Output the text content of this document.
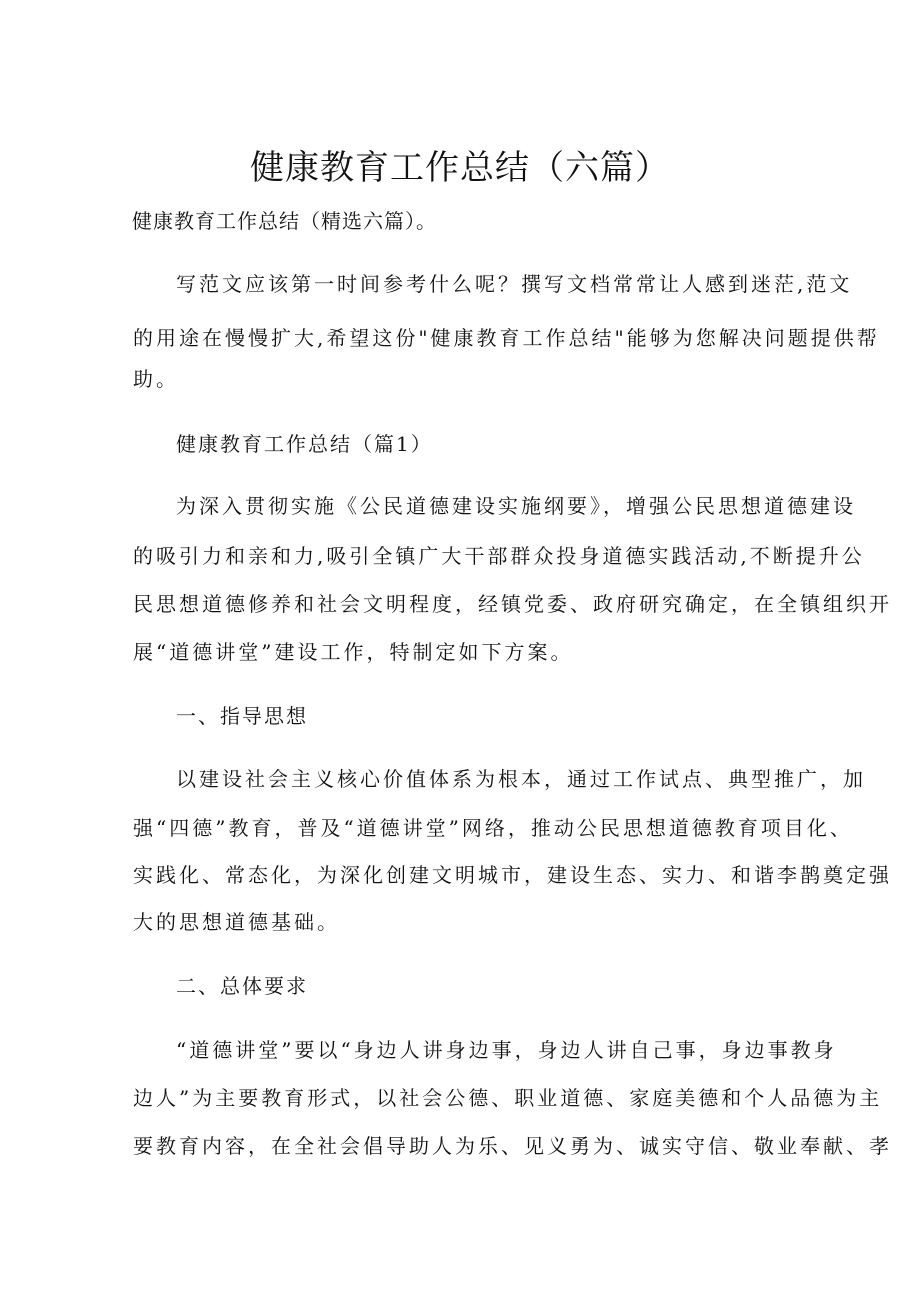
健康教育工作总结（六篇）
健康教育工作总结（精选六篇）。
写范文应该第一时间参考什么呢？撰写文档常常让人感到迷茫,范文
的用途在慢慢扩大,希望这份"健康教育工作总结"能够为您解决问题提供帮
助。
健康教育工作总结（篇1）
为深入贯彻实施《公民道德建设实施纲要》，增强公民思想道德建设
的吸引力和亲和力,吸引全镇广大干部群众投身道德实践活动,不断提升公
民思想道德修养和社会文明程度，经镇党委、政府研究确定，在全镇组织开
展“道德讲堂”建设工作，特制定如下方案。
一、指导思想
以建设社会主义核心价值体系为根本，通过工作试点、典型推广，加
强“四德”教育，普及“道德讲堂”网络，推动公民思想道德教育项目化、
实践化、常态化，为深化创建文明城市，建设生态、实力、和谐李鹊奠定强
大的思想道德基础。
二、总体要求
“道德讲堂”要以“身边人讲身边事，身边人讲自己事，身边事教身
边人”为主要教育形式，以社会公德、职业道德、家庭美德和个人品德为主
要教育内容，在全社会倡导助人为乐、见义勇为、诚实守信、敬业奉献、孝
